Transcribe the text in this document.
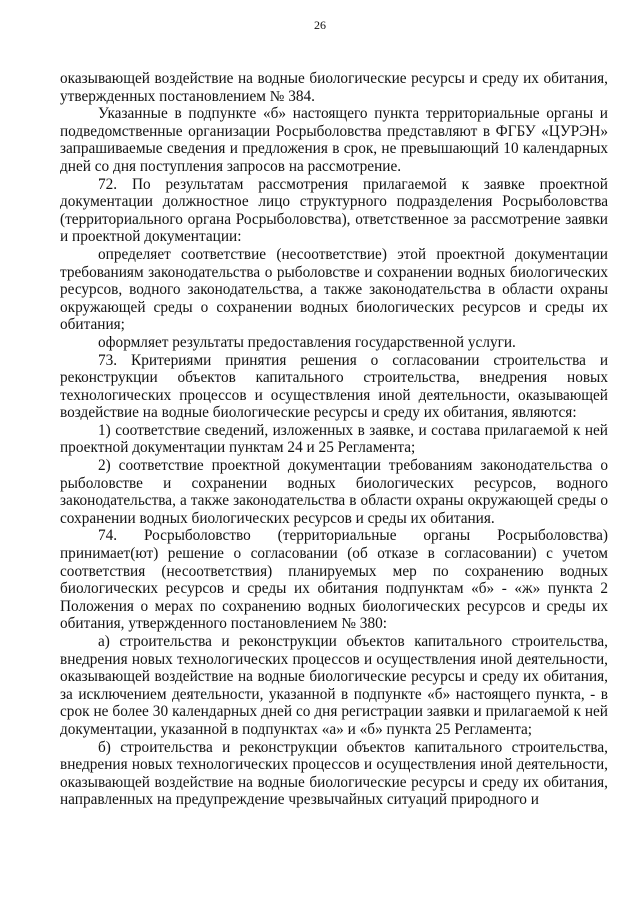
26

оказывающей воздействие на водные биологические ресурсы и среду их обитания, утвержденных постановлением № 384.

Указанные в подпункте «б» настоящего пункта территориальные органы и подведомственные организации Росрыболовства представляют в ФГБУ «ЦУРЭН» запрашиваемые сведения и предложения в срок, не превышающий 10 календарных дней со дня поступления запросов на рассмотрение.

72. По результатам рассмотрения прилагаемой к заявке проектной документации должностное лицо структурного подразделения Росрыболовства (территориального органа Росрыболовства), ответственное за рассмотрение заявки и проектной документации:

определяет соответствие (несоответствие) этой проектной документации требованиям законодательства о рыболовстве и сохранении водных биологических ресурсов, водного законодательства, а также законодательства в области охраны окружающей среды о сохранении водных биологических ресурсов и среды их обитания;

оформляет результаты предоставления государственной услуги.

73. Критериями принятия решения о согласовании строительства и реконструкции объектов капитального строительства, внедрения новых технологических процессов и осуществления иной деятельности, оказывающей воздействие на водные биологические ресурсы и среду их обитания, являются:

1) соответствие сведений, изложенных в заявке, и состава прилагаемой к ней проектной документации пунктам 24 и 25 Регламента;

2) соответствие проектной документации требованиям законодательства о рыболовстве и сохранении водных биологических ресурсов, водного законодательства, а также законодательства в области охраны окружающей среды о сохранении водных биологических ресурсов и среды их обитания.

74. Росрыболовство (территориальные органы Росрыболовства) принимает(ют) решение о согласовании (об отказе в согласовании) с учетом соответствия (несоответствия) планируемых мер по сохранению водных биологических ресурсов и среды их обитания подпунктам «б» - «ж» пункта 2 Положения о мерах по сохранению водных биологических ресурсов и среды их обитания, утвержденного постановлением № 380:

а) строительства и реконструкции объектов капитального строительства, внедрения новых технологических процессов и осуществления иной деятельности, оказывающей воздействие на водные биологические ресурсы и среду их обитания, за исключением деятельности, указанной в подпункте «б» настоящего пункта, - в срок не более 30 календарных дней со дня регистрации заявки и прилагаемой к ней документации, указанной в подпунктах «а» и «б» пункта 25 Регламента;

б) строительства и реконструкции объектов капитального строительства, внедрения новых технологических процессов и осуществления иной деятельности, оказывающей воздействие на водные биологические ресурсы и среду их обитания, направленных на предупреждение чрезвычайных ситуаций природного и
